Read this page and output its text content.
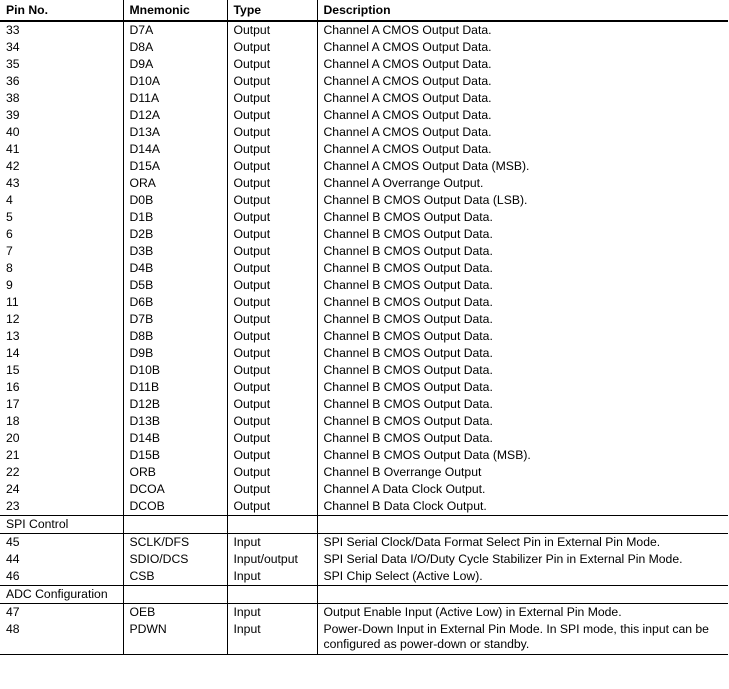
Pin No.	Mnemonic	Type	Description
33	D7A	Output	Channel A CMOS Output Data.
34	D8A	Output	Channel A CMOS Output Data.
35	D9A	Output	Channel A CMOS Output Data.
36	D10A	Output	Channel A CMOS Output Data.
38	D11A	Output	Channel A CMOS Output Data.
39	D12A	Output	Channel A CMOS Output Data.
40	D13A	Output	Channel A CMOS Output Data.
41	D14A	Output	Channel A CMOS Output Data.
42	D15A	Output	Channel A CMOS Output Data (MSB).
43	ORA	Output	Channel A Overrange Output.
4	D0B	Output	Channel B CMOS Output Data (LSB).
5	D1B	Output	Channel B CMOS Output Data.
6	D2B	Output	Channel B CMOS Output Data.
7	D3B	Output	Channel B CMOS Output Data.
8	D4B	Output	Channel B CMOS Output Data.
9	D5B	Output	Channel B CMOS Output Data.
11	D6B	Output	Channel B CMOS Output Data.
12	D7B	Output	Channel B CMOS Output Data.
13	D8B	Output	Channel B CMOS Output Data.
14	D9B	Output	Channel B CMOS Output Data.
15	D10B	Output	Channel B CMOS Output Data.
16	D11B	Output	Channel B CMOS Output Data.
17	D12B	Output	Channel B CMOS Output Data.
18	D13B	Output	Channel B CMOS Output Data.
20	D14B	Output	Channel B CMOS Output Data.
21	D15B	Output	Channel B CMOS Output Data (MSB).
22	ORB	Output	Channel B Overrange Output
24	DCOA	Output	Channel A Data Clock Output.
23	DCOB	Output	Channel B Data Clock Output.
SPI Control			
45	SCLK/DFS	Input	SPI Serial Clock/Data Format Select Pin in External Pin Mode.
44	SDIO/DCS	Input/output	SPI Serial Data I/O/Duty Cycle Stabilizer Pin in External Pin Mode.
46	CSB	Input	SPI Chip Select (Active Low).
ADC Configuration			
47	OEB	Input	Output Enable Input (Active Low) in External Pin Mode.
48	PDWN	Input	Power-Down Input in External Pin Mode. In SPI mode, this input can be configured as power-down or standby.
